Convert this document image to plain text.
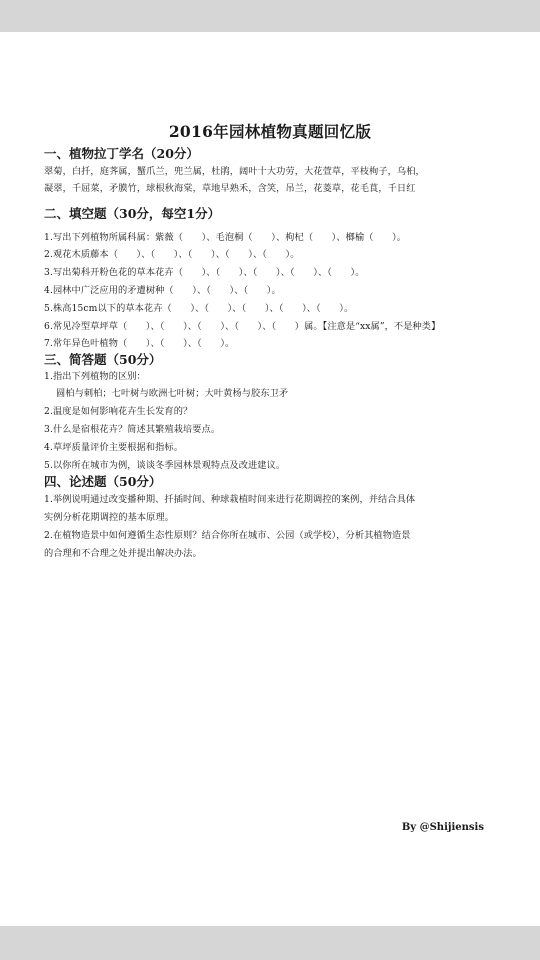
2016年园林植物真题回忆版
一、植物拉丁学名（20分）
翠菊，白扦，庭荠属，蟹爪兰，兜兰属，杜鹃，阔叶十大功劳，大花萱草，平枝栒子，乌桕，
凝翠，千屈菜，矛膜竹，球根秋海棠，草地早熟禾，含笑，吊兰，花菱草，花毛茛，千日红
二、填空题（30分，每空1分）
1.写出下列植物所属科属：紫薇（　　）、毛泡桐（　　）、枸杞（　　）、榔榆（　　）。
2.观花木质藤本（　　）、（　　）、（　　）、（　　）、（　　）。
3.写出菊科开粉色花的草本花卉（　　）、（　　）、（　　）、（　　）、（　　）。
4.园林中广泛应用的矛遭树种（　　）、（　　）、（　　）。
5.株高15cm以下的草本花卉（　　）、（　　）、（　　）、（　　）、（　　）。
6.常见冷型草坪草（　　）、（　　）、（　　）、（　　）、（　　）属。【注意是“xx属”，不是种类】
7.常年异色叶植物（　　）、（　　）、（　　）。
三、简答题（50分）
1.指出下列植物的区别：
圆柏与刺柏；七叶树与欧洲七叶树；大叶黄杨与胶东卫矛
2.温度是如何影响花卉生长发育的？
3.什么是宿根花卉？简述其繁殖栽培要点。
4.草坪质量评价主要根据和指标。
5.以你所在城市为例，谈谈冬季园林景观特点及改进建议。
四、论述题（50分）
1.举例说明通过改变播种期、扦插时间、种球栽植时间来进行花期调控的案例，并结合具体
实例分析花期调控的基本原理。
2.在植物造景中如何遵循生态性原则？结合你所在城市、公园（或学校），分析其植物造景
的合理和不合理之处并提出解决办法。
By @Shijiensis
